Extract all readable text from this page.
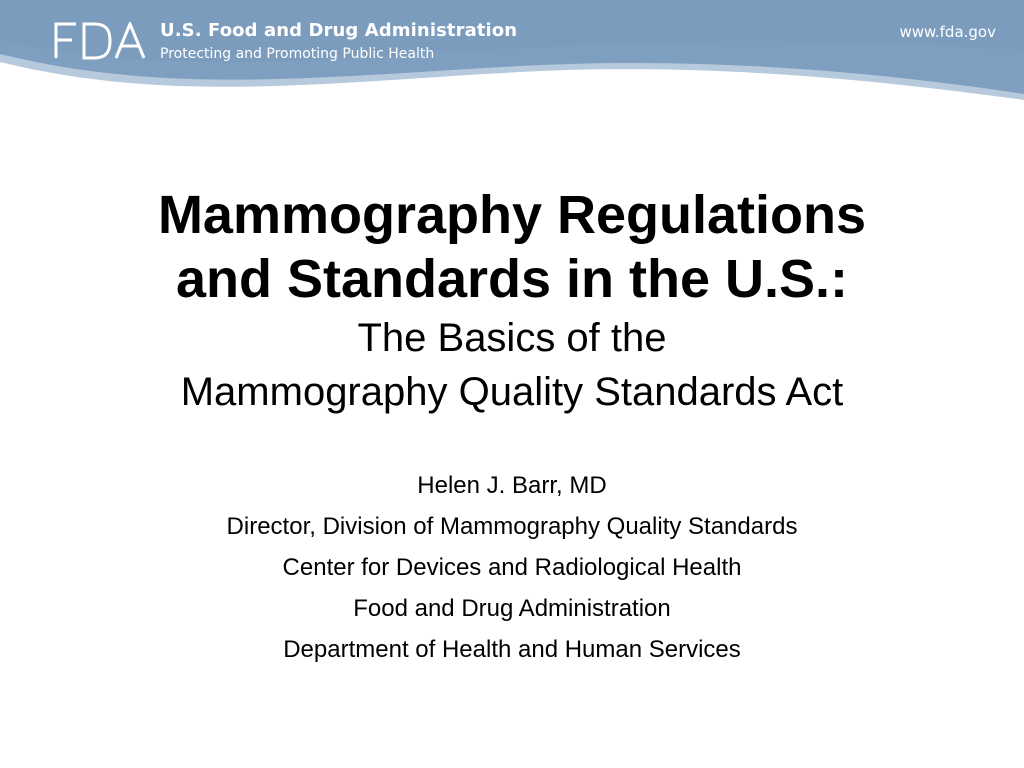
FDA	U.S. Food and Drug Administration
Protecting and Promoting Public Health
www.fda.gov
Mammography Regulations
and Standards in the U.S.:
The Basics of the
Mammography Quality Standards Act
Helen J. Barr, MD
Director, Division of Mammography Quality Standards
Center for Devices and Radiological Health
Food and Drug Administration
Department of Health and Human Services
